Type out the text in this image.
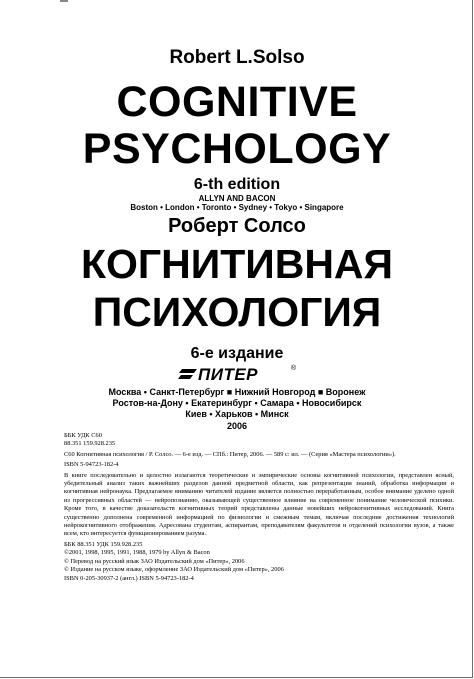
Robert L.Solso
COGNITIVE
PSYCHOLOGY
6-th edition
ALLYN AND BACON
Boston • London • Toronto • Sydney • Tokyo • Singapore
Роберт Солсо
КОГНИТИВНАЯ
ПСИХОЛОГИЯ
6-е издание
ПИТЕР	®
Москва • Санкт-Петербург ■ Нижний Новгород ■ Воронеж
Ростов-на-Дону • Екатеринбург • Самара • Новосибирск
Киев • Харьков • Минск
2006
ББК УДК С60
88.351 159.928.235
С60 Когнитивная психология / Р. Солсо. — 6-е изд. — СПб.: Питер, 2006. — 589 с: ил. — (Серия «Мастера психологии»).
ISBN 5-94723-182-4
В книге последовательно и целостно излагаются теоретические и эмпирические основы когнитивной психологии, представлен ясный, убедительный анализ таких важнейших разделов данной предметной области, как репрезентация знаний, обработка информации и когнитивная нейронаука. Предлагаемое вниманию читателей издание является полностью переработанным, особое внимание уделено одной из прогрессивных областей — нейропознанию, оказывающей существенное влияние на современное понимание человеческой психики. Кроме того, в качестве доказательств когнитивных теорий представлены данные новейших нейрокогнитивных исследований. Книга существенно дополнена современной информацией по физиологии и смежным темам, включая последние достижения технологий нейрокогнитивного отображения. Адресована студентам, аспирантам, преподавателям факультетов и отделений психологии вузов, а также всем, кто интересуется функционированием разума.
ББК 88.351 УДК 159.928.235
©2001, 1998, 1995, 1991, 1988, 1979 by Allyn & Bacon
© Перевод на русский язык ЗАО Издательский дом «Питер», 2006
© Издание на русском языке, оформление ЗАО Издательский дом «Питер», 2006
ISBN 0-205-30937-2 (англ.) ISBN 5-94723-182-4
